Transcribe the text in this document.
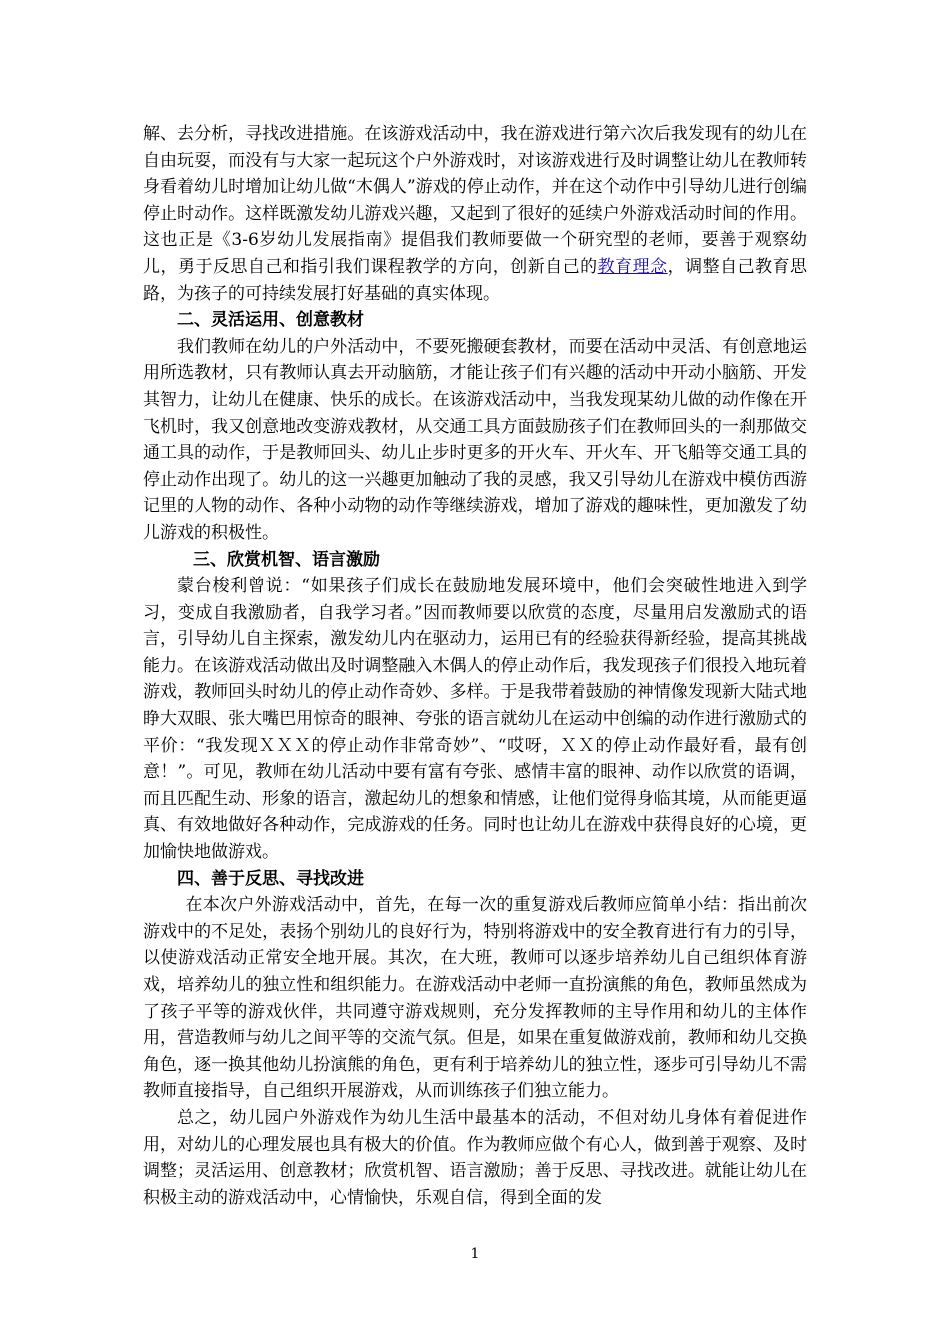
解、去分析，寻找改进措施。在该游戏活动中，我在游戏进行第六次后我发现有的幼儿在自由玩耍，而没有与大家一起玩这个户外游戏时，对该游戏进行及时调整让幼儿在教师转身看着幼儿时增加让幼儿做“木偶人”游戏的停止动作，并在这个动作中引导幼儿进行创编停止时动作。这样既激发幼儿游戏兴趣，又起到了很好的延续户外游戏活动时间的作用。这也正是《3-6岁幼儿发展指南》提倡我们教师要做一个研究型的老师，要善于观察幼儿，勇于反思自己和指引我们课程教学的方向，创新自己的教育理念，调整自己教育思路，为孩子的可持续发展打好基础的真实体现。

二、灵活运用、创意教材

我们教师在幼儿的户外活动中，不要死搬硬套教材，而要在活动中灵活、有创意地运用所选教材，只有教师认真去开动脑筋，才能让孩子们有兴趣的活动中开动小脑筋、开发其智力，让幼儿在健康、快乐的成长。在该游戏活动中，当我发现某幼儿做的动作像在开飞机时，我又创意地改变游戏教材，从交通工具方面鼓励孩子们在教师回头的一刹那做交通工具的动作，于是教师回头、幼儿止步时更多的开火车、开火车、开飞船等交通工具的停止动作出现了。幼儿的这一兴趣更加触动了我的灵感，我又引导幼儿在游戏中模仿西游记里的人物的动作、各种小动物的动作等继续游戏，增加了游戏的趣味性，更加激发了幼儿游戏的积极性。

三、欣赏机智、语言激励

蒙台梭利曾说：“如果孩子们成长在鼓励地发展环境中，他们会突破性地进入到学习，变成自我激励者，自我学习者。”因而教师要以欣赏的态度，尽量用启发激励式的语言，引导幼儿自主探索，激发幼儿内在驱动力，运用已有的经验获得新经验，提高其挑战能力。在该游戏活动做出及时调整融入木偶人的停止动作后，我发现孩子们很投入地玩着游戏，教师回头时幼儿的停止动作奇妙、多样。于是我带着鼓励的神情像发现新大陆式地睁大双眼、张大嘴巴用惊奇的眼神、夸张的语言就幼儿在运动中创编的动作进行激励式的平价：“我发现ＸＸＸ的停止动作非常奇妙”、“哎呀，ＸＸ的停止动作最好看，最有创意！”。可见，教师在幼儿活动中要有富有夸张、感情丰富的眼神、动作以欣赏的语调，而且匹配生动、形象的语言，激起幼儿的想象和情感，让他们觉得身临其境，从而能更逼真、有效地做好各种动作，完成游戏的任务。同时也让幼儿在游戏中获得良好的心境，更加愉快地做游戏。

四、善于反思、寻找改进

在本次户外游戏活动中，首先，在每一次的重复游戏后教师应简单小结：指出前次游戏中的不足处，表扬个别幼儿的良好行为，特别将游戏中的安全教育进行有力的引导，以使游戏活动正常安全地开展。其次，在大班，教师可以逐步培养幼儿自己组织体育游戏，培养幼儿的独立性和组织能力。在游戏活动中老师一直扮演熊的角色，教师虽然成为了孩子平等的游戏伙伴，共同遵守游戏规则，充分发挥教师的主导作用和幼儿的主体作用，营造教师与幼儿之间平等的交流气氛。但是，如果在重复做游戏前，教师和幼儿交换角色，逐一换其他幼儿扮演熊的角色，更有利于培养幼儿的独立性，逐步可引导幼儿不需教师直接指导，自己组织开展游戏，从而训练孩子们独立能力。

总之，幼儿园户外游戏作为幼儿生活中最基本的活动，不但对幼儿身体有着促进作用，对幼儿的心理发展也具有极大的价值。作为教师应做个有心人，做到善于观察、及时调整；灵活运用、创意教材；欣赏机智、语言激励；善于反思、寻找改进。就能让幼儿在积极主动的游戏活动中，心情愉快，乐观自信，得到全面的发

1
